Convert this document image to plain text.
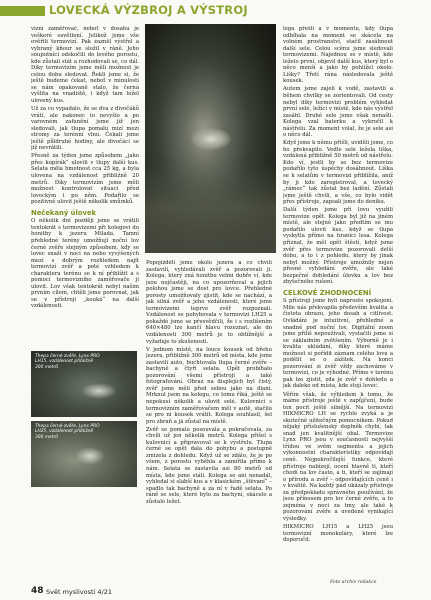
LOVECKÁ VÝZBROJ A VÝSTROJ

vizní zaměřovač, neboť v dosahu je veškeré osvětlení. Jelikož jsme vše ověřili termovizí. Pak zazněl výstřel a vybraný kňour se složil v ráně. Jeho souputníci odskočili do levého porostu, kde zůstali stát a rozhodovali se, co dál. Díky termovizím jsme měli možnost je celou dobu sledovat. Řekli jsme si, že ještě budeme čekat, neboť v minulosti se nám opakovaně stalo, že černá vyšlita na vnadiště, i když tam ležel ulovený kus.

Už za co vypadalo, že se dva z divočáků vrátí, ale nakonec to nevyšlo a po varovném zafunění jsme již jen sledovali, jak tlupa pomalu mizí mezi stromy za terénní vlnu. Čekali jsme ještě půldruhé hodiny, ale divočáci se již nevrátili.

Přesně za týden jsme způsobem „jako přes kopírák“ ulovili v tlupy další kus. Selata měla hmotnost cca 25 kg, a byla ulovena na vzdálenost přibližně 20 metrů. Díky termovizím jsme měli možnost kontrolovat situaci před loveckým i po něm. Podařilo se pozitivně ulovit ještě několik smůmků.

Nečekaný úlovek

O několik dní později jsme se vrátili tentokrát s termovizemi při kolegovi do honitby k jezeru Milada. Tamní přehledné terény umožňují noční lov černé zvěře stejným způsobem, kdy se lovec snaží v noci na nebo vyvýšených mezi s dobrým rozhledem najít termovizí zvěř a poté vzhledem k charakteru terénu se k ní přiblížit a s pomocí termovizního zaměřovače ji ulovit. Lov však tentokrát nebyl našim prvním cílem, chtěli jsme porovnat, jak se v přístroji „kouká“ na další vzdálenosti.

Thepa černé zvěře, Lynx PRO
LH15, vzdálenost přibližně
300 metrů
Thepa černé zvěře, Lynx PRO
LH25, vzdálenost přibližně
300 metrů

Popojížděli jsme okolo jezera a co chvíli zastavili, vyhledávali zvěř a pozorovali ji. Kolega, který zná honitbu velmi dobře ví, kde jsou nejčastěji, na co upozorňoval a jejich polohou jsme se dost pro lovce. Přehledné porosty umožňovaly zjistit, kde se nachází, a jak silná zvěř a jeho vzdálenosti, které jsme termovizemi teprve zvěř rozpoznali. Vzdálenost se pohybovala v termovizi LH25 a pokaždé jsme se přesvědčili, že i s rozlišením 640×480 lze kančí hlavu rozeznat, ale do vzdálenosti 300 metrů je to obtížnější a vyžaduje to zkušenosti.

V jednom místě, na louce kousek od břehu jezera, přibližně 300 metrů od místa, kde jsme zastavili auto, buchtovala tlupa černé zvěře – bachyně a čtyři selata. Opět probíhalo pozorování všemi přístroji a také fotografování. Obraz na displejích byl čistý, zvěř jsme měli před sebou jako na dlani. Mrknul jsem na kolegu, co tomu říká, ještě se nepokusí několik a ulovit selé. Kulovnici s termovizním zaměřovačem měl v autě, stačilo se pro ni kousek vrátit. Kolega souhlasil, šel pro zbraň a já zůstal na místě.

Zvěř se pomalu posouvala a pokračovala, za chvíli už jen několik metrů. Kolega přišel s kulovnicí a připravoval se k výstřelu. Tlupa černé se opět dala do pohybu a postupně zmizela z dohledu. Když už se zdálo, že je po všem, z porostu vyběhla a zamířila přímo k nám. Selata se zastavila asi 80 metrů od místa, kde jsme stáli. Kolega se ani nenadál, vyhledal si slabší kus a v klasickém „štěvaní“ – spadlo tak bachyně a za ní v řadě selata. Po ráně se sele, které bylo za bachyní, skácelo a zůstalo ležet.

lega přešli a v momentu, kdy tlupa odbíhala na moment se skácela na volném prostranství, stačil zasáhnout další sele. Celou scénu jsme sledovali termovizemi. Najednou se v místě, kde leželo první, objevil další kus, který byl o něco menší a jako by pohlížel okolo. Lišky? Třetí rána následovala ještě kousek.

Autem jsme zajeli k vodě, zastavili a během chvilky se zorientovali. Od cesty nebyl díky termovizi problém vyhledat první selé, ležící v místě, kde nás výstřel zasáhl. Druhé sele jsme však nenašli. Kolega vzal baterku a vykročil k nástřelu. Za moment volal, že je sele asi o něco dál.

Když jsme k němu přišli, uviděli jsme, co ho překvapilo. Vedle sele ležela liška, vzdálená přibližně 50 metrů od nástřelu. Kdo ví, jestli by se bez termovize podařilo tyto úspěchy dosáhnout. Liška se k selatům v termovizi přiblížila, aniž by ji kdo zaregistroval, a lovecký „rámec“ tak zůstal bez ladění. Zůstali jsme ještě chvíli, a vše, co bylo vidět přes přístroje, zapsali jsme do deníku.

Další týden jsme při lovu využili termovize opět. Kolega byl již na jiném místě, ale stejně jako předtím se mu podařilo ulovit kus, když se tlupa vyskytla přímo na hranici lesa. Kolega přiznal, že měl opět štěstí, když jsme zvěř přes termovize pozorovali delší dobu, a to i z pohledu, který by jinak nebyl možný. Přístroje umožnily nejen přesné vyhledání zvěře, ale také bezpečné dohledání úlovku a lov bez zbytečného rušení.

CELKOVÉ ZHODNOCENÍ

S přístroji jsme byli naprosto spokojeni. Mile nás překvapila především kvalita a čistota obrazu, jeho dosah a citlivost. Ovládání je intuitivní, přehledné a snadné pod noční lov. Digitální zoom jsme příliš nepoužívali, vystačili jsme si se základním zvětšením. Výborně je i kvalita ukládání, díky které máme možnost si pořídit záznam celého lovu a podělit se o zážitek. Na konci pozorování si zvěř vždy zachováme v termovizi, co je výhodné. Přímo v terénu pak lze zjistit, zda je zvěř v dohledu a jak daleko od místa, kde stojí lovec.

Věřím však, že výhledem k tomu, že máme přístroje ještě v zapůjčení, bude ten pocit ještě silnější. Na termovizi HIKMICRO LH se rychle zvyká a je skutečně užitečným pomocníkem. Pokud nějaký příslušenský doplněk chybí, tak snad jen kvalitnější obal. Termovize Lynx PRO jsou v současnosti nejvyšší třídou ve svém segmentu a jejich výkonnostní charakteristiky odpovídají ceně. Nejpokročilejší funkce, které přístroje nabízejí, ocení hlavně ti, kteří chodí na lov často, a ti, kteří se zajímají o přírodu a zvěř – odpovídajících ceně i v kvalitě. Na každý pád ukázaly přístroje za předpokladu správného používání, že jsou přínosem pro lov černé zvěře, a to zejména v noci za tmy, ale také k pozorování zvěře a uvedené vynikající výsledky.

HIKMICRO LH15 a LH25 jsou termovizní monokuláry, které lze doporučit.

Foto archiv redakce
48 Svět myslivosti 4/21
